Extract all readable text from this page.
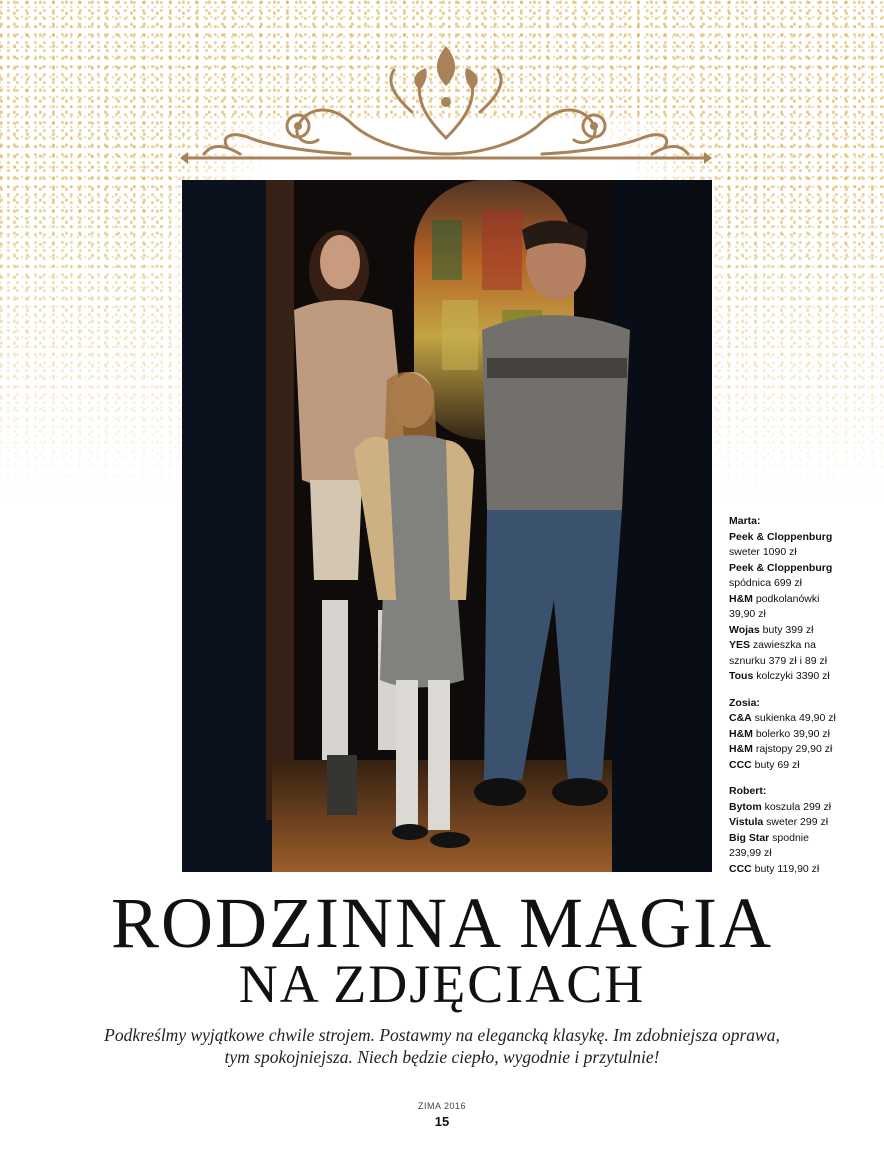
Marta:
Peek & Cloppenburg
sweter 1090 zł
Peek & Cloppenburg
spódnica 699 zł
H&M podkolanówki
39,90 zł
Wojas buty 399 zł
YES zawieszka na
sznurku 379 zł i 89 zł
Tous kolczyki 3390 zł
Zosia:
C&A sukienka 49,90 zł
H&M bolerko 39,90 zł
H&M rajstopy 29,90 zł
CCC buty 69 zł
Robert:
Bytom koszula 299 zł
Vistula sweter 299 zł
Big Star spodnie
239,99 zł
CCC buty 119,90 zł
RODZINNA MAGIA
NA ZDJĘCIACH
Podkreślmy wyjątkowe chwile strojem. Postawmy na elegancką klasykę. Im zdobniejsza oprawa,
tym spokojniejsza. Niech będzie ciepło, wygodnie i przytulnie!
ZIMA 2016
15
